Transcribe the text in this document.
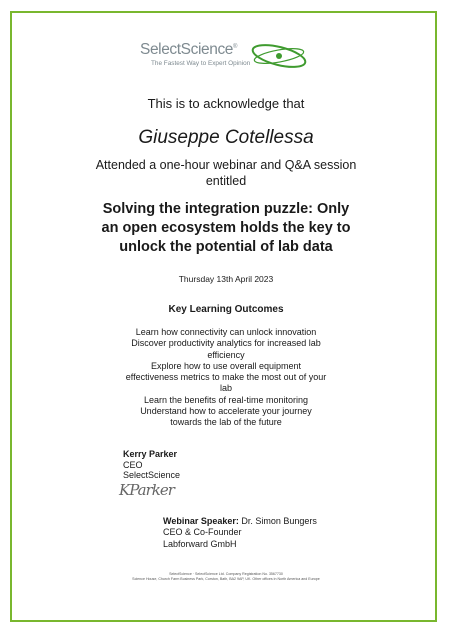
SelectScience®
The Fastest Way to Expert Opinion
This is to acknowledge that
Giuseppe Cotellessa
Attended a one-hour webinar and Q&A session
entitled
Solving the integration puzzle: Only
an open ecosystem holds the key to
unlock the potential of lab data
Thursday 13th April 2023
Key Learning Outcomes
Learn how connectivity can unlock innovation
Discover productivity analytics for increased lab
efficiency
Explore how to use overall equipment
effectiveness metrics to make the most out of your
lab
Learn the benefits of real-time monitoring
Understand how to accelerate your journey
towards the lab of the future
Kerry Parker
CEO
SelectScience
KParker
Webinar Speaker: Dr. Simon Bungers
CEO & Co-Founder
Labforward GmbH
SelectScience · SelectScience Ltd. Company Registration No. 3567730
Science House, Church Farm Business Park, Corston, Bath, BA2 9AP, UK. Other offices in North America and Europe
